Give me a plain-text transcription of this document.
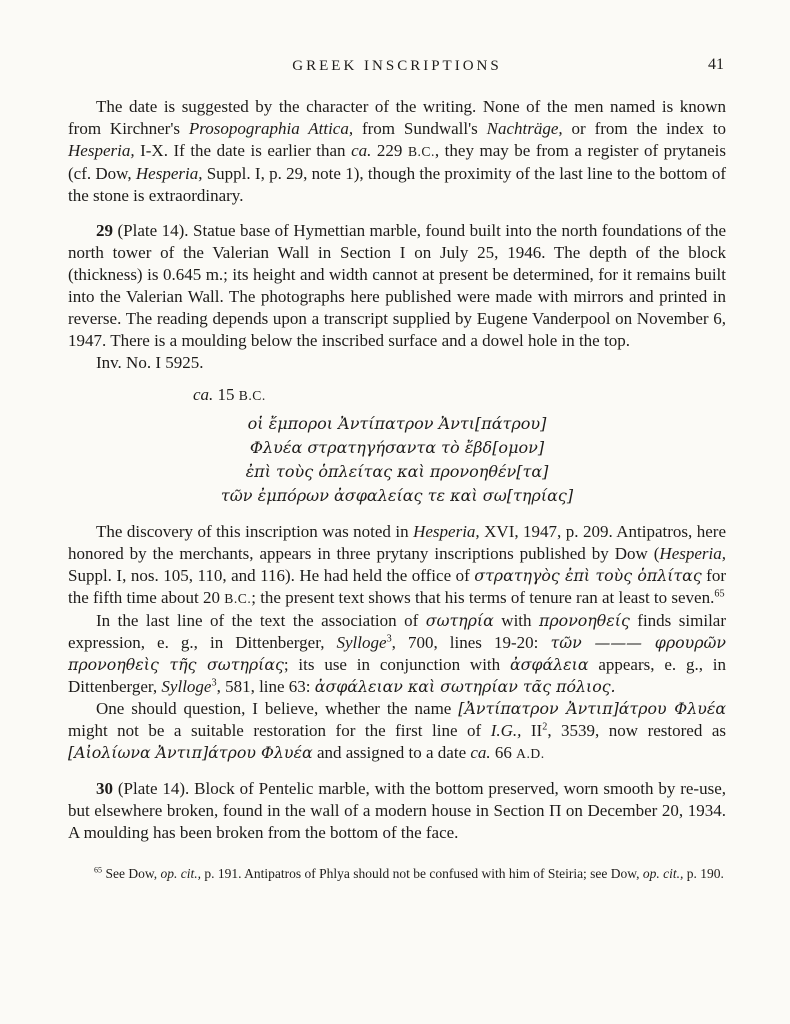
GREEK INSCRIPTIONS	41

The date is suggested by the character of the writing. None of the men named is known from Kirchner's Prosopographia Attica, from Sundwall's Nachträge, or from the index to Hesperia, I-X. If the date is earlier than ca. 229 B.C., they may be from a register of prytaneis (cf. Dow, Hesperia, Suppl. I, p. 29, note 1), though the proximity of the last line to the bottom of the stone is extraordinary.

29 (Plate 14). Statue base of Hymettian marble, found built into the north foundations of the north tower of the Valerian Wall in Section I on July 25, 1946. The depth of the block (thickness) is 0.645 m.; its height and width cannot at present be determined, for it remains built into the Valerian Wall. The photographs here published were made with mirrors and printed in reverse. The reading depends upon a transcript supplied by Eugene Vanderpool on November 6, 1947. There is a moulding below the inscribed surface and a dowel hole in the top.

Inv. No. I 5925.

ca. 15 B.C.
οἱ ἔμποροι Ἀντίπατρον Ἀντι[πάτρου]
Φλυέα στρατηγήσαντα τὸ ἔβδ[ομον]
ἐπὶ τοὺς ὁπλείτας καὶ προνοηθέν[τα]
τῶν ἐμπόρων ἀσφαλείας τε καὶ σω[τηρίας]

The discovery of this inscription was noted in Hesperia, XVI, 1947, p. 209. Antipatros, here honored by the merchants, appears in three prytany inscriptions published by Dow (Hesperia, Suppl. I, nos. 105, 110, and 116). He had held the office of στρατηγὸς ἐπὶ τοὺς ὁπλίτας for the fifth time about 20 B.C.; the present text shows that his terms of tenure ran at least to seven.$^{65}$

In the last line of the text the association of σωτηρία with προνοηθείς finds similar expression, e. g., in Dittenberger, Sylloge$^3$, 700, lines 19-20: τῶν ——— φρουρῶν προνοηθεὶς τῆς σωτηρίας; its use in conjunction with ἀσφάλεια appears, e. g., in Dittenberger, Sylloge$^3$, 581, line 63: ἀσφάλειαν καὶ σωτηρίαν τᾶς πόλιος.

One should question, I believe, whether the name [Ἀντίπατρον Ἀντιπ]άτρου Φλυέα might not be a suitable restoration for the first line of I.G., $II^2$, 3539, now restored as [Αἰολίωνα Ἀντιπ]άτρου Φλυέα and assigned to a date ca. 66 A.D.

30 (Plate 14). Block of Pentelic marble, with the bottom preserved, worn smooth by re-use, but elsewhere broken, found in the wall of a modern house in Section Π on December 20, 1934. A moulding has been broken from the bottom of the face.

$^{65}$ See Dow, op. cit., p. 191. Antipatros of Phlya should not be confused with him of Steiria; see Dow, op. cit., p. 190.
